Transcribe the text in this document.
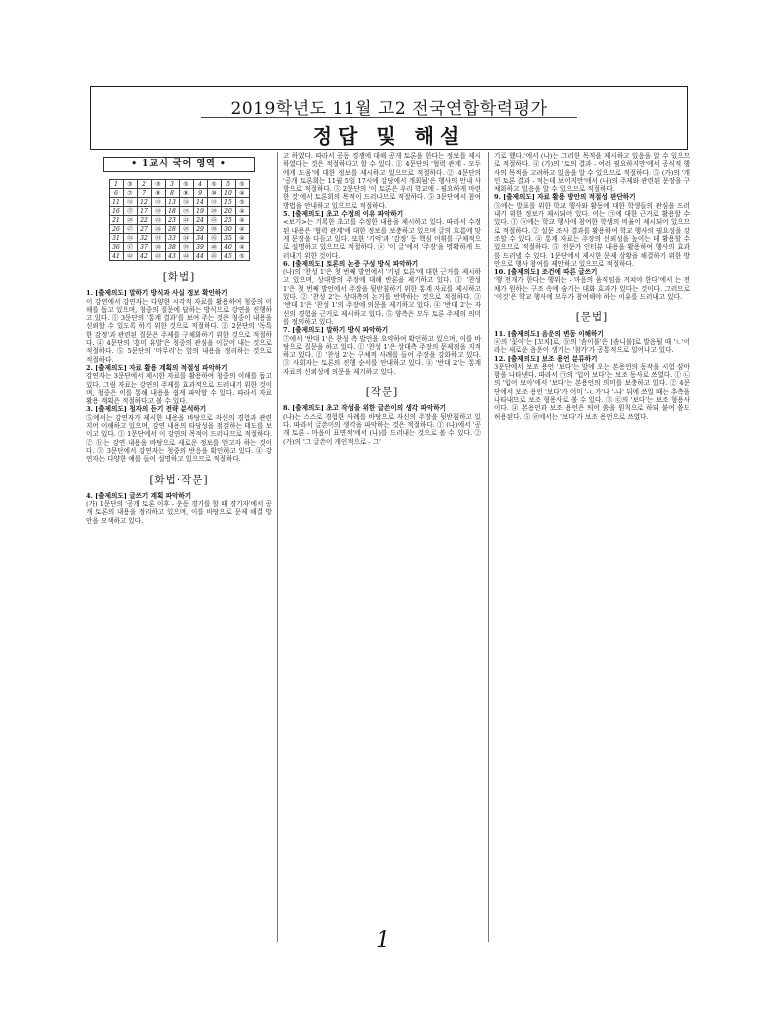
2019학년도 11월 고2 전국연합학력평가
정답 및 해설
• 1교시 국어 영역 •
1	③	2	③	3	⑤	4	⑤	5	⑤
6	⑦	7	⑧	8	⑧	9	⑩	10	④
11	⑫	12	⑬	13	⑭	14	⑬	15	⑤
16	⑰	17	⑱	18	⑲	19	⑳	20	④
21	⑳	22	㉓	23	㉔	24	㉕	25	④
26	㉗	27	㉘	28	㉙	29	㉚	30	④
31	㉜	32	㉝	33	㉞	34	㉟	35	④
36	㊲	37	㊳	38	㊴	39	㊵	40	④
41	㊷	42	㊸	43	㊹	44	㊺	45	⑤
[화법]

1. [출제의도] 말하기 방식과 사실 정보 확인하기

이 강연에서 강연자는 다양한 시각적 자료를 활용하여 청중의 이해를 돕고 있으며, 청중의 질문에 답하는 방식으로 강연을 진행하고 있다. ① 3문단의 '통계 결과'를 보여 주는 것은 청중이 내용을 신뢰할 수 있도록 하기 위한 것으로 적절하다. ② 2문단의 '독특한 감정'과 관련된 질문은 주제를 구체화하기 위한 것으로 적절하다. ④ 4문단의 '흥미 유발'은 청중의 관심을 이끌어 내는 것으로 적절하다. ⑤ 5문단의 '마무리'는 앞의 내용을 정리하는 것으로 적절하다.

2. [출제의도] 자료 활용 계획의 적절성 파악하기

강연자는 3문단에서 제시한 자료를 활용하여 청중의 이해를 돕고 있다. 그림 자료는 강연의 주제를 효과적으로 드러내기 위한 것이며, 청중은 이를 통해 내용을 쉽게 파악할 수 있다. 따라서 자료 활용 계획은 적절하다고 볼 수 있다.

3. [출제의도] 청자의 듣기 전략 분석하기

⑤에서는 강연자가 제시한 내용을 바탕으로 자신의 경험과 관련지어 이해하고 있으며, 강연 내용의 타당성을 점검하는 태도를 보이고 있다. ① 1문단에서 이 강연의 목적이 드러나므로 적절하다. ② ⓑ는 강연 내용을 바탕으로 새로운 정보를 얻고자 하는 것이다. ③ 3문단에서 강연자는 청중의 반응을 확인하고 있다. ④ 강연자는 다양한 예를 들어 설명하고 있으므로 적절하다.

[화법·작문]

4. [출제의도] 글쓰기 계획 파악하기

(가) 1문단의 '공개 토론 이후 - 운동 경기를 할 때 경기자'에서 공개 토론의 내용을 정리하고 있으며, 이를 바탕으로 문제 해결 방안을 모색하고 있다.

고 하였다. 따라서 공동 경쟁에 대해 공개 토론을 한다는 정보를 제시하였다는 것은 적절하다고 할 수 있다. ① 4문단의 '협력 관계 - 모두에게 도움'에 대한 정보를 제시하고 있으므로 적절하다. ② 4문단의 '공개 토론회는 11월 5일 17시에 강당에서 개최됨'은 행사의 안내 사항으로 적절하다. ③ 2문단의 '이 토론은 우리 학교에 - 필요하게 마련한 것'에서 토론회의 목적이 드러나므로 적절하다. ⑤ 3문단에서 참여 방법을 안내하고 있으므로 적절하다.

5. [출제의도] 초고 수정의 이유 파악하기

<보기>는 기록한 초고를 수정한 내용을 제시하고 있다. 따라서 수정된 내용은 '협력 관계'에 대한 정보를 보충하고 있으며 글의 흐름에 맞게 문장을 다듬고 있다. 또한 '기억'과 '감정' 등 핵심 어휘를 구체적으로 설명하고 있으므로 적절하다. ⓐ '이 글'에서 '주장'을 명확하게 드러내기 위한 것이다.

6. [출제의도] 토론의 논증 구성 방식 파악하기

(나)의 '찬성 1'은 첫 번째 발언에서 '기념 토론'에 대한 근거를 제시하고 있으며, 상대방의 주장에 대해 반론을 제기하고 있다. ① '찬성 1'은 첫 번째 발언에서 주장을 뒷받침하기 위한 통계 자료를 제시하고 있다. ② '찬성 2'는 상대측의 논거를 반박하는 것으로 적절하다. ③ '반대 1'은 '찬성 1'의 주장에 의문을 제기하고 있다. ④ '반대 2'는 자신의 경험을 근거로 제시하고 있다. ⑤ 양측은 모두 토론 주제의 의미를 정의하고 있다.

7. [출제의도] 말하기 방식 파악하기

⑦에서 '반대 1'은 찬성 측 발언을 요약하여 확인하고 있으며, 이를 바탕으로 질문을 하고 있다. ① '찬성 1'은 상대측 주장의 문제점을 지적하고 있다. ② '찬성 2'는 구체적 사례를 들어 주장을 강화하고 있다. ③ 사회자는 토론의 진행 순서를 안내하고 있다. ④ '반대 2'는 통계 자료의 신뢰성에 의문을 제기하고 있다.

[작문]

8. [출제의도] 초고 작성을 위한 글쓴이의 생각 파악하기

(나)는 스스로 경험한 사례를 바탕으로 자신의 주장을 뒷받침하고 있다. 따라서 글쓴이의 생각을 파악하는 것은 적절하다. ① (나)에서 '공개 토론 - 마음이 표면적'에서 (나)를 드러내는 것으로 볼 수 있다. ② (가)의 '그 글쓴이 개인적으로 - 그'

기로 했다.'에서 (나)는 그러한 목적을 제시하고 있음을 알 수 있으므로 적절하다. ④ (가)의 '토의 결과 - 여러 필요하지만'에서 공식적 행사의 목적을 고려하고 있음을 알 수 있으므로 적절하다. ⑤ (가)의 '개인 토론 결과 - 적는데 보이지만'에서 (나)의 주제와 관련된 문장을 구체화하고 있음을 알 수 있으므로 적절하다.

9. [출제의도] 자료 활용 방안의 적절성 판단하기

③에는 발표를 위한 학교 행사와 활동에 대한 학생들의 관심을 드러내기 위한 정보가 제시되어 있다. 이는 ㉠에 대한 근거로 활용할 수 있다. ① ⓐ에는 학교 행사에 참여한 학생의 비율이 제시되어 있으므로 적절하다. ② 설문 조사 결과를 활용하여 학교 행사의 필요성을 강조할 수 있다. ④ 통계 자료는 주장의 신뢰성을 높이는 데 활용할 수 있으므로 적절하다. ⑤ 전문가 인터뷰 내용을 활용하여 행사의 효과를 드러낼 수 있다. 1문단에서 제시한 문제 상황을 해결하기 위한 방안으로 행사 참여를 제안하고 있으므로 적절하다.

10. [출제의도] 조건에 따른 글쓰기

'행 전개가 한다는 행위는 - 마음의 움직임을 거쳐야 한다'에서 는 전체가 원하는 구조 속에 숨기는 대화 효과가 있다는 것이다. 그러므로 '이것'은 학교 행사에 모두가 참여해야 하는 이유를 드러내고 있다.

[문법]

11. [출제의도] 음운의 변동 이해하기

ⓐ의 '꽃이'는 [꼬치]로, ⓑ의 '솜이불'은 [솜니불]로 발음될 때 'ㄴ'이라는 새로운 음운이 생기는 '첨가'가 공통적으로 일어나고 있다.

12. [출제의도] 보조 용언 분류하기

3문단에서 보조 용언 '보다'는 앞에 오는 본용언의 동작을 시험 삼아 함을 나타낸다. 따라서 ㉠의 '입어 보다'는 보조 동사로 쓰였다. ① ㉡의 '입어 보아'에서 '보다'는 본용언의 의미를 보충하고 있다. ② 4문단에서 보조 용언 '보다'가 어미 '-ㄴ가'나 '-나' 뒤에 쓰일 때는 추측을 나타내므로 보조 형용사로 볼 수 있다. ③ ㉢의 '보다'는 보조 형용사이다. ④ 본용언과 보조 용언은 띄어 씀을 원칙으로 하되 붙여 씀도 허용된다. ⑤ ㉣에서는 '보다'가 보조 용언으로 쓰였다.

1
